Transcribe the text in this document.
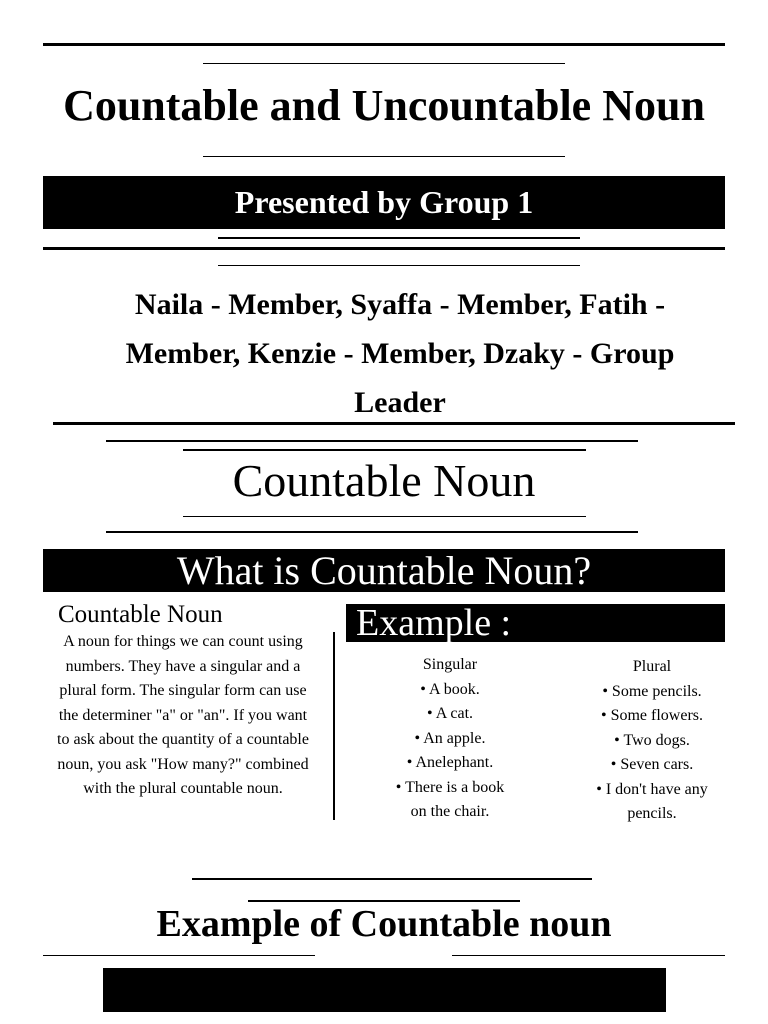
Countable and Uncountable Noun
Presented by Group 1
Naila - Member, Syaffa - Member, Fatih - Member, Kenzie - Member, Dzaky - Group Leader
Countable Noun
What is Countable Noun?
Countable Noun
A noun for things we can count using numbers. They have a singular and a plural form. The singular form can use the determiner "a" or "an". If you want to ask about the quantity of a countable noun, you ask "How many?" combined with the plural countable noun.
Example :
Singular
• A book.
• A cat.
• An apple.
• Anelephant.
• There is a book on the chair.
Plural
• Some pencils.
• Some flowers.
• Two dogs.
• Seven cars.
• I don't have any pencils.
Example of Countable noun
